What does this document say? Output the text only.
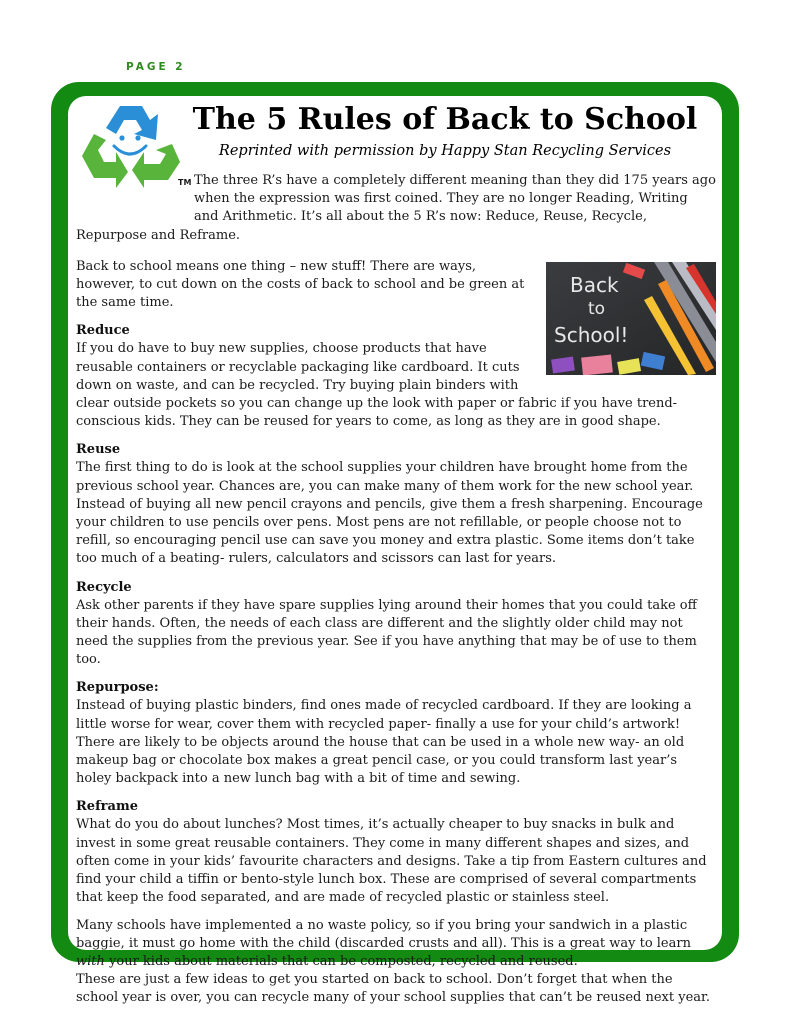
PAGE 2
TM
The 5 Rules of Back to School

Reprinted with permission by Happy Stan Recycling Services

The three R’s have a completely different meaning than they did 175 years ago when the expression was first coined. They are no longer Reading, Writing and Arithmetic. It’s all about the 5 R’s now: Reduce, Reuse, Recycle, Repurpose and Reframe.

Back
to
School!

Back to school means one thing – new stuff! There are ways, however, to cut down on the costs of back to school and be green at the same time.

Reduce

If you do have to buy new supplies, choose products that have reusable containers or recyclable packaging like cardboard. It cuts down on waste, and can be recycled. Try buying plain binders with clear outside pockets so you can change up the look with paper or fabric if you have trend-conscious kids. They can be reused for years to come, as long as they are in good shape.

Reuse

The first thing to do is look at the school supplies your children have brought home from the previous school year. Chances are, you can make many of them work for the new school year. Instead of buying all new pencil crayons and pencils, give them a fresh sharpening. Encourage your children to use pencils over pens. Most pens are not refillable, or people choose not to refill, so encouraging pencil use can save you money and extra plastic. Some items don’t take too much of a beating- rulers, calculators and scissors can last for years.

Recycle

Ask other parents if they have spare supplies lying around their homes that you could take off their hands. Often, the needs of each class are different and the slightly older child may not need the supplies from the previous year. See if you have anything that may be of use to them too.

Repurpose:

Instead of buying plastic binders, find ones made of recycled cardboard. If they are looking a little worse for wear, cover them with recycled paper- finally a use for your child’s artwork! There are likely to be objects around the house that can be used in a whole new way- an old makeup bag or chocolate box makes a great pencil case, or you could transform last year’s holey backpack into a new lunch bag with a bit of time and sewing.

Reframe

What do you do about lunches? Most times, it’s actually cheaper to buy snacks in bulk and invest in some great reusable containers. They come in many different shapes and sizes, and often come in your kids’ favourite characters and designs. Take a tip from Eastern cultures and find your child a tiffin or bento-style lunch box. These are comprised of several compartments that keep the food separated, and are made of recycled plastic or stainless steel.

Many schools have implemented a no waste policy, so if you bring your sandwich in a plastic baggie, it must go home with the child (discarded crusts and all). This is a great way to learn with your kids about materials that can be composted, recycled and reused.

These are just a few ideas to get you started on back to school. Don’t forget that when the school year is over, you can recycle many of your school supplies that can’t be reused next year.
